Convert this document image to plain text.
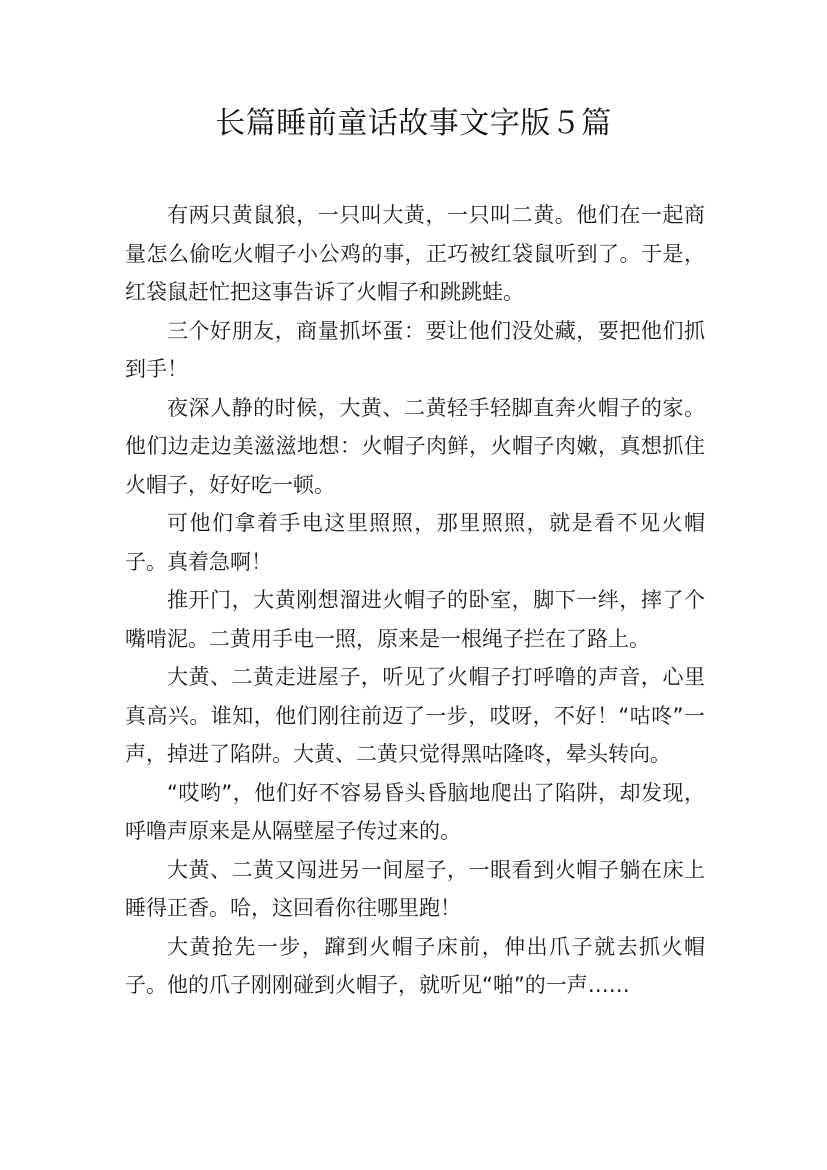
长篇睡前童话故事文字版５篇

有两只黄鼠狼，一只叫大黄，一只叫二黄。他们在一起商量怎么偷吃火帽子小公鸡的事，正巧被红袋鼠听到了。于是，红袋鼠赶忙把这事告诉了火帽子和跳跳蛙。

三个好朋友，商量抓坏蛋：要让他们没处藏，要把他们抓到手！

夜深人静的时候，大黄、二黄轻手轻脚直奔火帽子的家。他们边走边美滋滋地想：火帽子肉鲜，火帽子肉嫩，真想抓住火帽子，好好吃一顿。

可他们拿着手电这里照照，那里照照，就是看不见火帽子。真着急啊！

推开门，大黄刚想溜进火帽子的卧室，脚下一绊，摔了个嘴啃泥。二黄用手电一照，原来是一根绳子拦在了路上。

大黄、二黄走进屋子，听见了火帽子打呼噜的声音，心里真高兴。谁知，他们刚往前迈了一步，哎呀，不好！“咕咚”一声，掉进了陷阱。大黄、二黄只觉得黑咕隆咚，晕头转向。

“哎哟”，他们好不容易昏头昏脑地爬出了陷阱，却发现，呼噜声原来是从隔壁屋子传过来的。

大黄、二黄又闯进另一间屋子，一眼看到火帽子躺在床上睡得正香。哈，这回看你往哪里跑！

大黄抢先一步，蹿到火帽子床前，伸出爪子就去抓火帽子。他的爪子刚刚碰到火帽子，就听见“啪”的一声……
